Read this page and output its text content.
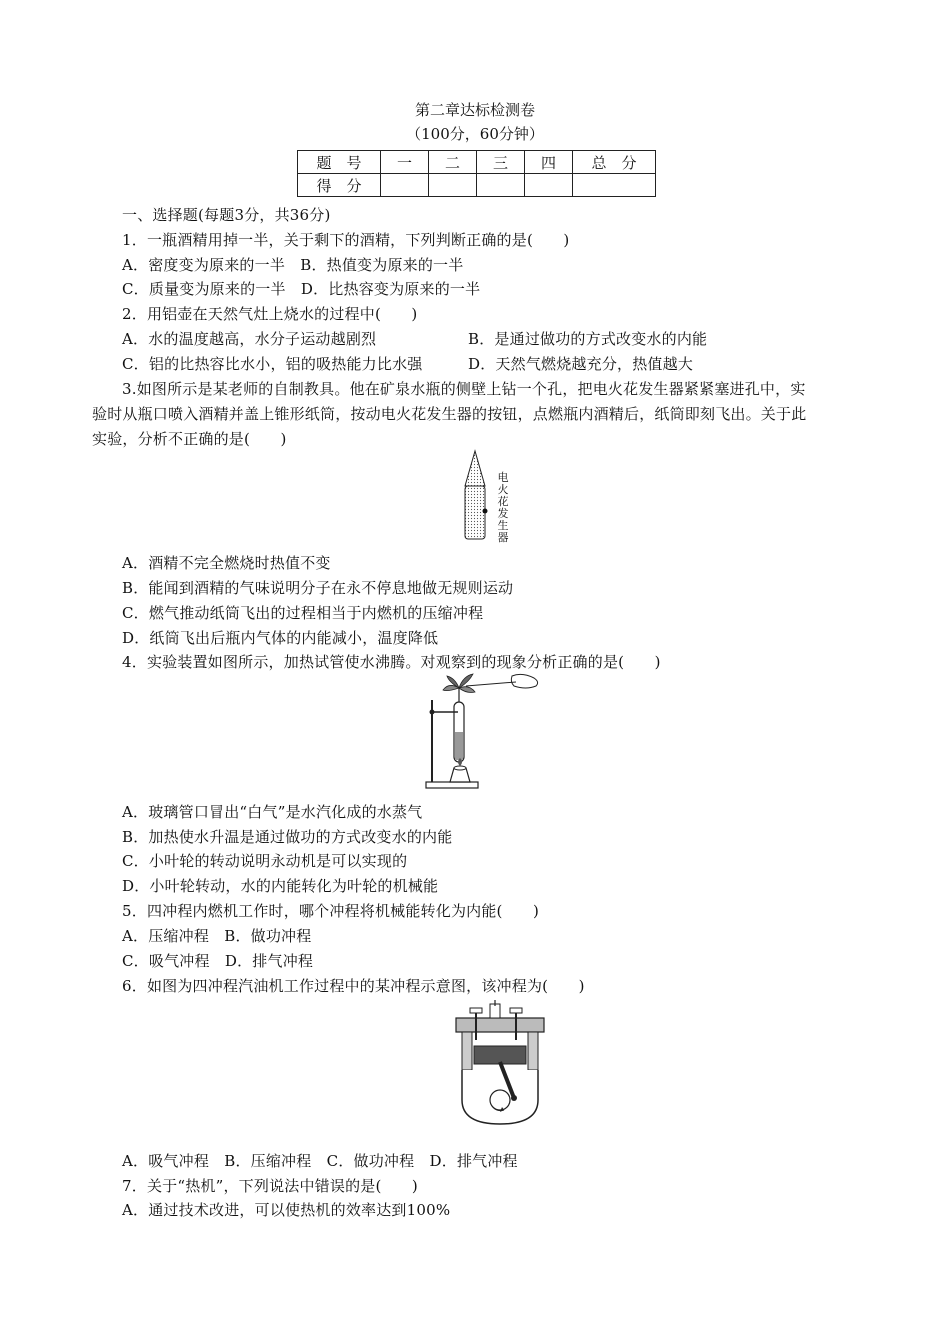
第二章达标检测卷
（100分，60分钟）
题　号	一	二	三	四	总　分
得　分					
一、选择题(每题3分，共36分)
1．一瓶酒精用掉一半，关于剩下的酒精，下列判断正确的是(　　)
A．密度变为原来的一半　B．热值变为原来的一半
C．质量变为原来的一半　D．比热容变为原来的一半
2．用铝壶在天然气灶上烧水的过程中(　　)
A．水的温度越高，水分子运动越剧烈	B．是通过做功的方式改变水的内能
C．铝的比热容比水小，铝的吸热能力比水强	D．天然气燃烧越充分，热值越大
3.如图所示是某老师的自制教具。他在矿泉水瓶的侧壁上钻一个孔，把电火花发生器紧紧塞进孔中，实
验时从瓶口喷入酒精并盖上锥形纸筒，按动电火花发生器的按钮，点燃瓶内酒精后，纸筒即刻飞出。关于此
实验，分析不正确的是(　　)
电
火
花
发
生
器
A．酒精不完全燃烧时热值不变
B．能闻到酒精的气味说明分子在永不停息地做无规则运动
C．燃气推动纸筒飞出的过程相当于内燃机的压缩冲程
D．纸筒飞出后瓶内气体的内能减小，温度降低
4．实验装置如图所示，加热试管使水沸腾。对观察到的现象分析正确的是(　　)
A．玻璃管口冒出“白气”是水汽化成的水蒸气
B．加热使水升温是通过做功的方式改变水的内能
C．小叶轮的转动说明永动机是可以实现的
D．小叶轮转动，水的内能转化为叶轮的机械能
5．四冲程内燃机工作时，哪个冲程将机械能转化为内能(　　)
A．压缩冲程　B．做功冲程
C．吸气冲程　D．排气冲程
6．如图为四冲程汽油机工作过程中的某冲程示意图，该冲程为(　　)
A．吸气冲程　B．压缩冲程　C．做功冲程　D．排气冲程
7．关于“热机”，下列说法中错误的是(　　)
A．通过技术改进，可以使热机的效率达到100%
